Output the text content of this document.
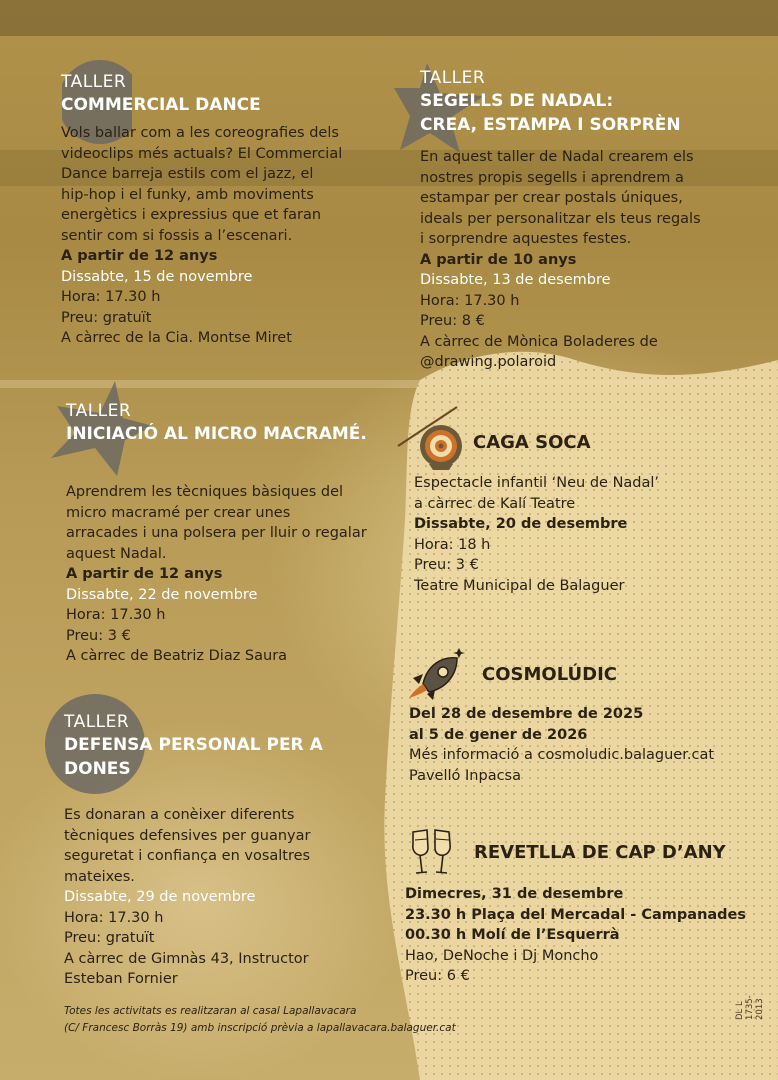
TALLER
COMMERCIAL DANCE

Vols ballar com a les coreografies dels

videoclips més actuals? El Commercial

Dance barreja estils com el jazz, el

hip-hop i el funky, amb moviments

energètics i expressius que et faran

sentir com si fossis a l’escenari.

A partir de 12 anys

Dissabte, 15 de novembre

Hora: 17.30 h

Preu: gratuït

A càrrec de la Cia. Montse Miret

TALLER
INICIACIÓ AL MICRO MACRAMÉ.

Aprendrem les tècniques bàsiques del

micro macramé per crear unes

arracades i una polsera per lluir o regalar

aquest Nadal.

A partir de 12 anys

Dissabte, 22 de novembre

Hora: 17.30 h

Preu: 3 €

A càrrec de Beatriz Diaz Saura

TALLER

DEFENSA PERSONAL PER A

DONES

Es donaran a conèixer diferents

tècniques defensives per guanyar

seguretat i confiança en vosaltres

mateixes.

Dissabte, 29 de novembre

Hora: 17.30 h

Preu: gratuït

A càrrec de Gimnàs 43, Instructor

Esteban Fornier

TALLER

SEGELLS DE NADAL:

CREA, ESTAMPA I SORPRÈN

En aquest taller de Nadal crearem els

nostres propis segells i aprendrem a

estampar per crear postals úniques,

ideals per personalitzar els teus regals

i sorprendre aquestes festes.

A partir de 10 anys

Dissabte, 13 de desembre

Hora: 17.30 h

Preu: 8 €

A càrrec de Mònica Boladeres de

@drawing.polaroid

CAGA SOCA

Espectacle infantil ‘Neu de Nadal’

a càrrec de Kalí Teatre

Dissabte, 20 de desembre

Hora: 18 h

Preu: 3 €

Teatre Municipal de Balaguer

COSMOLÚDIC

Del 28 de desembre de 2025

al 5 de gener de 2026

Més informació a cosmoludic.balaguer.cat

Pavelló Inpacsa

REVETLLA DE CAP D’ANY

Dimecres, 31 de desembre

23.30 h Plaça del Mercadal - Campanades

00.30 h Molí de l’Esquerrà

Hao, DeNoche i Dj Moncho

Preu: 6 €

Totes les activitats es realitzaran al casal Lapallavacara

(C/ Francesc Borràs 19) amb inscripció prèvia a lapallavacara.balaguer.cat

DL L 1735-2013
